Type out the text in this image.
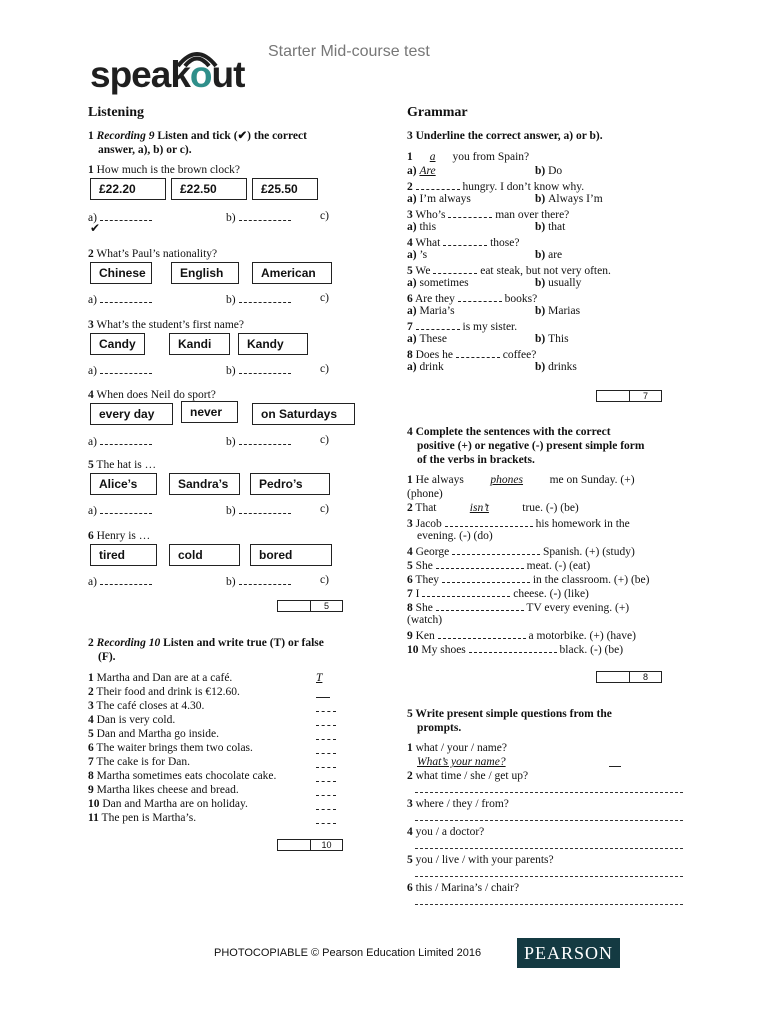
speakout
Starter Mid-course test
Listening
1 Recording 9 Listen and tick (✔) the correct
answer, a), b) or c).
1 How much is the brown clock?
£22.20	£22.50	£25.50
a)	b)	c)
✔
2 What’s Paul’s nationality?
Chinese	English	American
a)	b)	c)
3 What’s the student’s first name?
Candy	Kandi	Kandy
a)	b)	c)
4 When does Neil do sport?
every day	never	on Saturdays
a)	b)	c)
5 The hat is …
Alice’s	Sandra’s	Pedro’s
a)	b)	c)
6 Henry is …
tired	cold	bored
a)	b)	c)
5
2 Recording 10 Listen and write true (T) or false
(F).
1 Martha and Dan are at a café.	T
2 Their food and drink is €12.60.
3 The café closes at 4.30.
4 Dan is very cold.
5 Dan and Martha go inside.
6 The waiter brings them two colas.
7 The cake is for Dan.
8 Martha sometimes eats chocolate cake.
9 Martha likes cheese and bread.
10 Dan and Martha are on holiday.
11 The pen is Martha’s.
10
Grammar
3 Underline the correct answer, a) or b).
1 a you from Spain?
a) Are	b) Do
2	hungry. I don’t know why.
a) I’m always	b) Always I’m
3 Who’s	man over there?
a) this	b) that
4 What	those?
a) ’s	b) are
5 We	eat steak, but not very often.
a) sometimes	b) usually
6 Are they	books?
a) Maria’s	b) Marias
7	is my sister.
a) These	b) This
8 Does he	coffee?
a) drink	b) drinks
7
4 Complete the sentences with the correct
positive (+) or negative (-) present simple form
of the verbs in brackets.
1 He always phones me on Sunday. (+)
(phone)
2 That	isn’t	true. (-) (be)
3 Jacob	his homework in the
evening. (-) (do)
4 George	Spanish. (+) (study)
5 She	meat. (-) (eat)
6 They	in the classroom. (+) (be)
7 I	cheese. (-) (like)
8 She	TV every evening. (+)
(watch)
9 Ken	a motorbike. (+) (have)
10 My shoes	black. (-) (be)
8
5 Write present simple questions from the
prompts.
1 what / your / name?
What’s your name?
2 what time / she / get up?
3 where / they / from?
4 you / a doctor?
5 you / live / with your parents?
6 this / Marina’s / chair?
PHOTOCOPIABLE © Pearson Education Limited 2016	PEARSON
